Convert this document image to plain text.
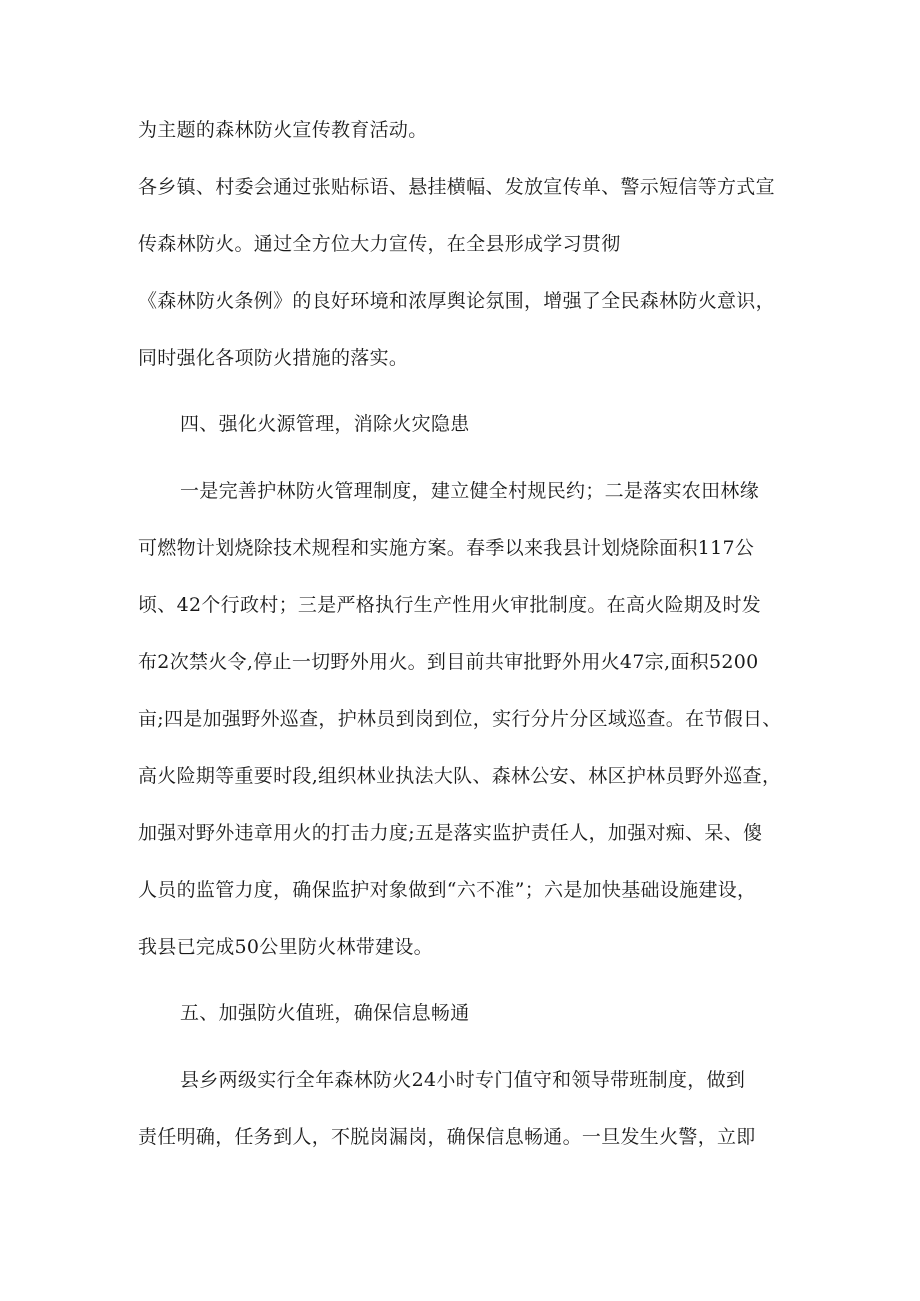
为主题的森林防火宣传教育活动。
各乡镇、村委会通过张贴标语、悬挂横幅、发放宣传单、警示短信等方式宣
传森林防火。通过全方位大力宣传，在全县形成学习贯彻
《森林防火条例》的良好环境和浓厚舆论氛围，增强了全民森林防火意识，
同时强化各项防火措施的落实。
四、强化火源管理，消除火灾隐患
一是完善护林防火管理制度，建立健全村规民约；二是落实农田林缘
可燃物计划烧除技术规程和实施方案。春季以来我县计划烧除面积117公
顷、42个行政村；三是严格执行生产性用火审批制度。在高火险期及时发
布2次禁火令,停止一切野外用火。到目前共审批野外用火47宗,面积5200
亩;四是加强野外巡查，护林员到岗到位，实行分片分区域巡查。在节假日、
高火险期等重要时段,组织林业执法大队、森林公安、林区护林员野外巡查，
加强对野外违章用火的打击力度;五是落实监护责任人，加强对痴、呆、傻
人员的监管力度，确保监护对象做到“六不准”；六是加快基础设施建设，
我县已完成50公里防火林带建设。
五、加强防火值班，确保信息畅通
县乡两级实行全年森林防火24小时专门值守和领导带班制度，做到
责任明确，任务到人，不脱岗漏岗，确保信息畅通。一旦发生火警，立即
